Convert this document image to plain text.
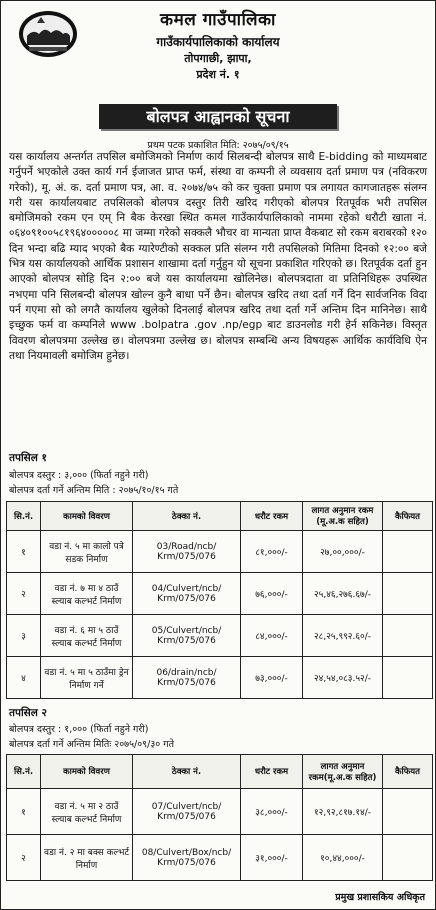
कमल गाउँपालिका
गाउँकार्यपालिकाको कार्यालय
तोपगाछी, झापा,
प्रदेश नं. १
बोलपत्र आह्वानको सूचना
प्रथम पटक प्रकाशित मिति: २०७५/०९/१५

यस कार्यालय अन्तर्गत तपसिल बमोजिमको निर्माण कार्य सिलबन्दी बोलपत्र साथै E-bidding को माध्यमबाट गर्नुपर्ने भएकोले उक्त कार्य गर्न ईजाजत प्राप्त फर्म, संस्था वा कम्पनी ले व्यवसाय दर्ता प्रमाण पत्र (नविकरण गरेको), मू. अं. क. दर्ता प्रमाण पत्र, आ. व. २०७४/७५ को कर चुक्ता प्रमाण पत्र लगायत कागजातहरू संलग्न गरी यस कार्यालयबाट तपसिलको बोलपत्र दस्तुर तिरी खरिद गरीएको बोलपत्र रितपूर्वक भरी तपसिल बमोजिमको रकम एन एम् नि बैक केरखा स्थित कमल गाउँकार्यपालिकाको नाममा रहेको धरौटी खाता नं. ०६४०९१००५८१९६४०००००८ मा जम्मा गरेको सक्कलै भौचर वा मान्यता प्राप्त वैकबाट सो रकम बराबरको १२० दिन भन्दा बढि म्याद भएको बैक ग्यारेण्टीको सक्कल प्रति संलग्न गरी तपसिलको मितिमा दिनको १२:०० बजे भित्र यस कार्यालयको आर्थिक प्रशासन शाखामा दर्ता गर्नुहुन यो सूचना प्रकाशित गरिएको छ। रितपूर्वक दर्ता हुन आएको बोलपत्र सोहि दिन २:०० बजे यस कार्यालयमा खोलिनेछ। बोलपत्रदाता वा प्रतिनिधिहरू उपस्थित नभएमा पनि सिलबन्दी बोलपत्र खोल्न कुनै बाधा पर्ने छैन। बोलपत्र खरिद तथा दर्ता गर्ने दिन सार्वजनिक विदा पर्न गएमा सो को लगतै कार्यालय खुलेको दिनलाई बोलपत्र खरिद तथा दर्ता गर्ने अन्तिम दिन मानिनेछ। साथै इच्छुक फर्म वा कम्पनिले www .bolpatra .gov .np/egp बाट डाउनलोड गरी हेर्न सकिनेछ। विस्तृत विवरण बोलपत्रमा उल्लेख छ। वोलपत्रमा उल्लेख छ। बोलपत्र सम्बन्धि अन्य विषयहरू आर्थिक कार्यविधि ऐन तथा नियमावली बमोजिम हुनेछ।

तपसिल १
बोलपत्र दस्तुर : ३,००० (फिर्ता नहुने गरी)
बोलपत्र दर्ता गर्ने अन्तिम मिति : २०७५/१०/१५ गते
सि.नं.	कामको विवरण	ठेक्का नं.	धरौट रकम	लागत अनुमान रकम (मू.अ.क सहित)	कैफियत
१	वडा नं. ५ मा कालो पत्रे सडक निर्माण	03/Road/ncb/ Krm/075/076	८१,०००/-	२७,००,०००/-	
२	वडा नं. ७ मा ४ ठाउँ स्ल्याब कल्भर्ट निर्माण	04/Culvert/ncb/ Krm/075/076	७६,०००/-	२५,४६,२७६.६७/-	
३	वडा नं. ६ मा ५ ठाउँ स्ल्याब कल्भर्ट निर्माण	05/Culvert/ncb/ Krm/075/076	८४,०००/-	२८,२५,९९२.६०/-	
४	वडा नं. ५ मा ५ ठाउँमा ड्रेन निर्माण गर्ने	06/drain/ncb/ Krm/075/076	७३,०००/-	२४,५४,०८३.५२/-	
तपसिल २
बोलपत्र दस्तुर : १,००० (फिर्ता नहुने गरी)
बोलपत्र दर्ता गर्ने अन्तिम मितिः २०७५/०९/३० गते
सि.नं.	कामको विवरण	ठेक्का नं.	धरौट रकम	लागत अनुमान रकम(मू.अ.क सहित)	कैफियत
१	वडा नं. ५ मा २ ठाउँ स्ल्याब कल्भर्ट निर्माण	07/Culvert/ncb/ Krm/075/076	३८,०००/-	१२,९२,८१७.१४/-	
२	वडा नं. २ मा बक्स कल्भर्ट निर्माण	08/Culvert/Box/ncb/ Krm/075/076	३१,०००/-	१०,४४,०००/-	
प्रमुख प्रशासकिय अधिकृत
